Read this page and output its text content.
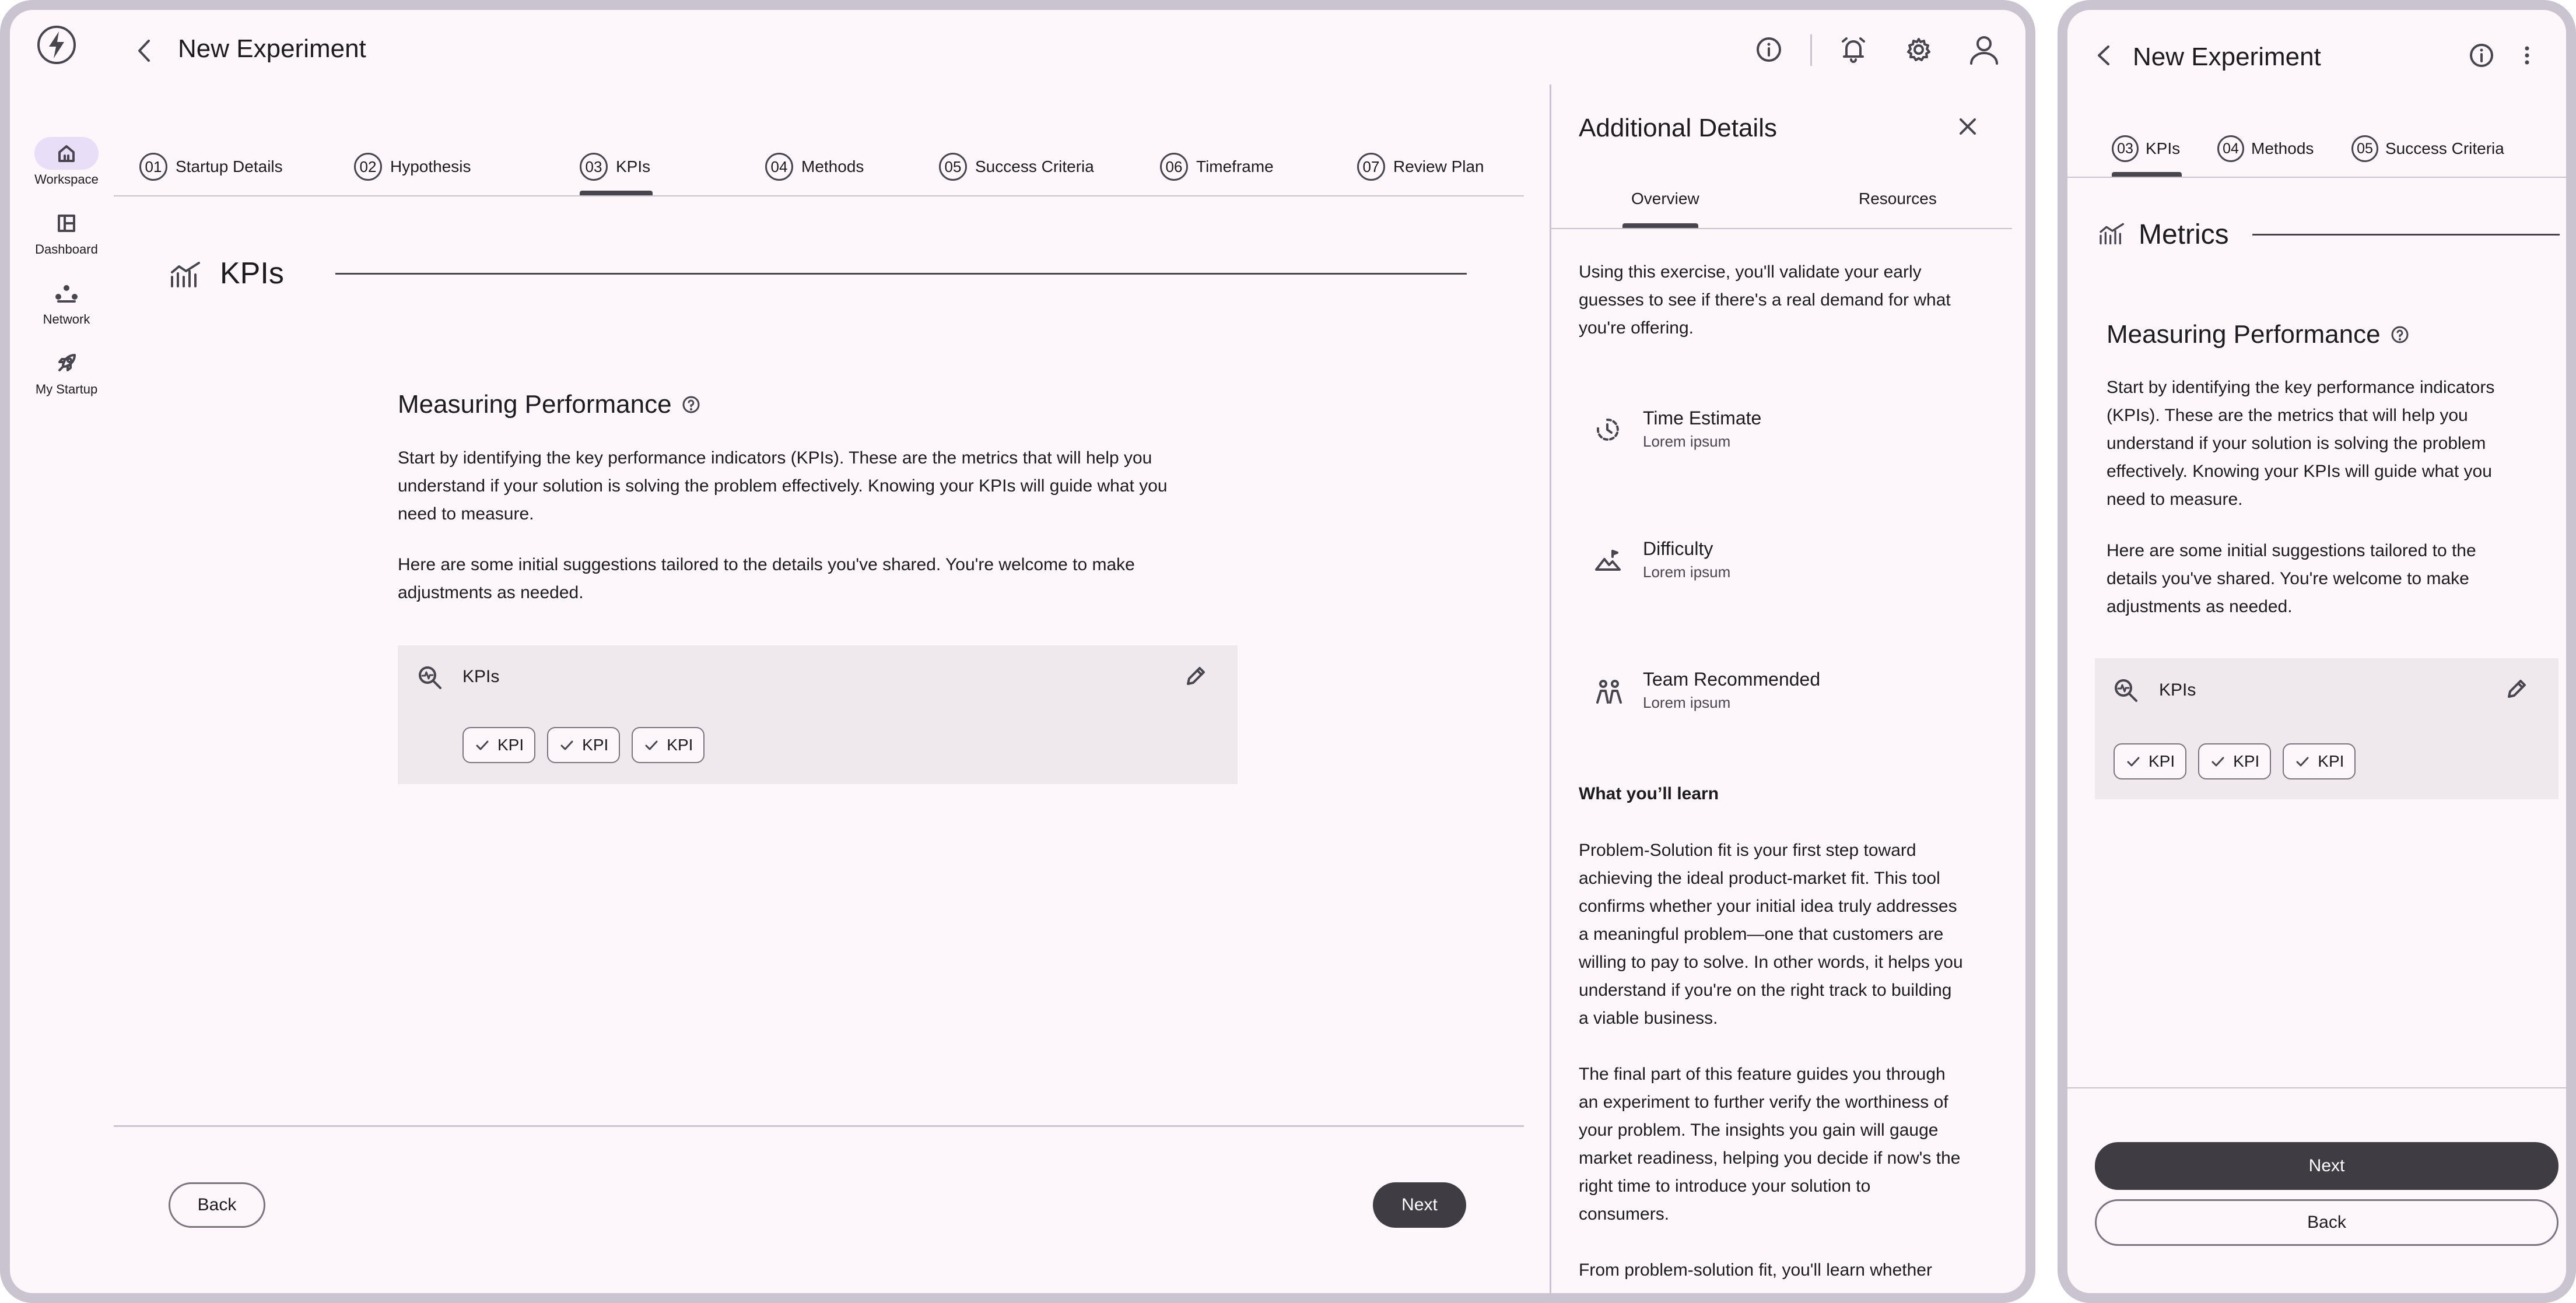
New Experiment
Workspace
Dashboard
Network
My Startup
01 Startup Details	02 Hypothesis	03 KPIs	04 Methods	05 Success Criteria	06 Timeframe	07 Review Plan
KPIs
Measuring Performance
Start by identifying the key performance indicators (KPIs). These are the metrics that will help you
understand if your solution is solving the problem effectively. Knowing your KPIs will guide what you
need to measure.
Here are some initial suggestions tailored to the details you've shared. You're welcome to make
adjustments as needed.
KPIs
KPI	KPI	KPI
Back	Next
Additional Details
Overview	Resources
Using this exercise, you'll validate your early
guesses to see if there's a real demand for what
you're offering.
Time Estimate
Lorem ipsum
Difficulty
Lorem ipsum
Team Recommended
Lorem ipsum
What you’ll learn
Problem-Solution fit is your first step toward
achieving the ideal product-market fit. This tool
confirms whether your initial idea truly addresses
a meaningful problem—one that customers are
willing to pay to solve. In other words, it helps you
understand if you're on the right track to building
a viable business.
The final part of this feature guides you through
an experiment to further verify the worthiness of
your problem. The insights you gain will gauge
market readiness, helping you decide if now's the
right time to introduce your solution to
consumers.
From problem-solution fit, you'll learn whether
New Experiment
03 KPIs	04 Methods	05 Success Criteria
Metrics
Measuring Performance
Start by identifying the key performance indicators
(KPIs). These are the metrics that will help you
understand if your solution is solving the problem
effectively. Knowing your KPIs will guide what you
need to measure.
Here are some initial suggestions tailored to the
details you've shared. You're welcome to make
adjustments as needed.
KPIs
KPI	KPI	KPI
Next
Back
